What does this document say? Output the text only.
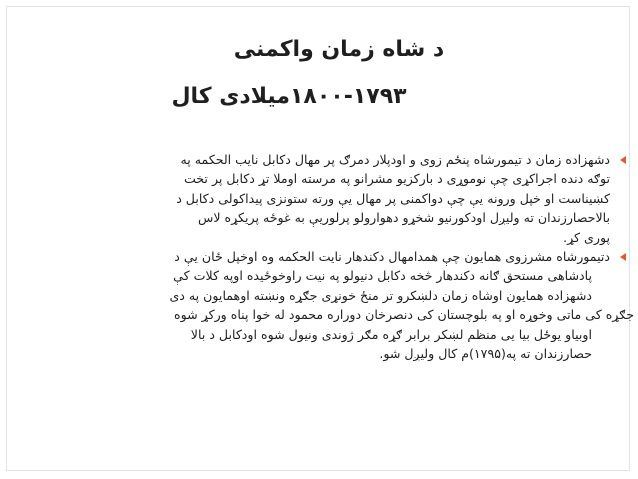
د شاه زمان واکمنی
۱۸۰۰-۱۷۹۳میلادی کال
دشهزاده زمان د تیمورشاه پنځم زوی و اودپلار دمرګ پر مهال دکابل نایب الحکمه په
توګه دنده اجراکړی چې نوموړی د بارکزیو مشرانو په مرسته اوملا تړ دکابل پر تخت
کښیناست او خپل ورونه یې چې دواکمنی پر مهال یې ورته ستونزی پیداکولی دکابل د
بالاحصارزندان ته ولیږل اودکورنیو شخړو دهوارولو پرلوریې به غوځه پریکړه لاس
پوری کړ.
دتیمورشاه مشرزوی همایون چې همدامهال دکندهار نایت الحکمه وه اوخپل ځان یې د
پادشاهی مستحق ګانه دکندهار څخه دکابل دنیولو په نیت راوخوځیده اوپه کلات کې
دشهزاده همایون اوشاه زمان دلښکرو تر منځ خونړی جګړه ونښته اوهمایون په دی
جګړه کی ماتی وخوړه او په بلوچستان کی دنصرخان دوراره محمود له خوا پناه ورکړ شوه
اوبیاو یوځل بیا یی منظم لښکر برابر ګړه مګر ژوندی ونیول شوه اودکابل د بالا
حصارزندان ته په(۱۷۹۵)م کال ولیږل شو.
